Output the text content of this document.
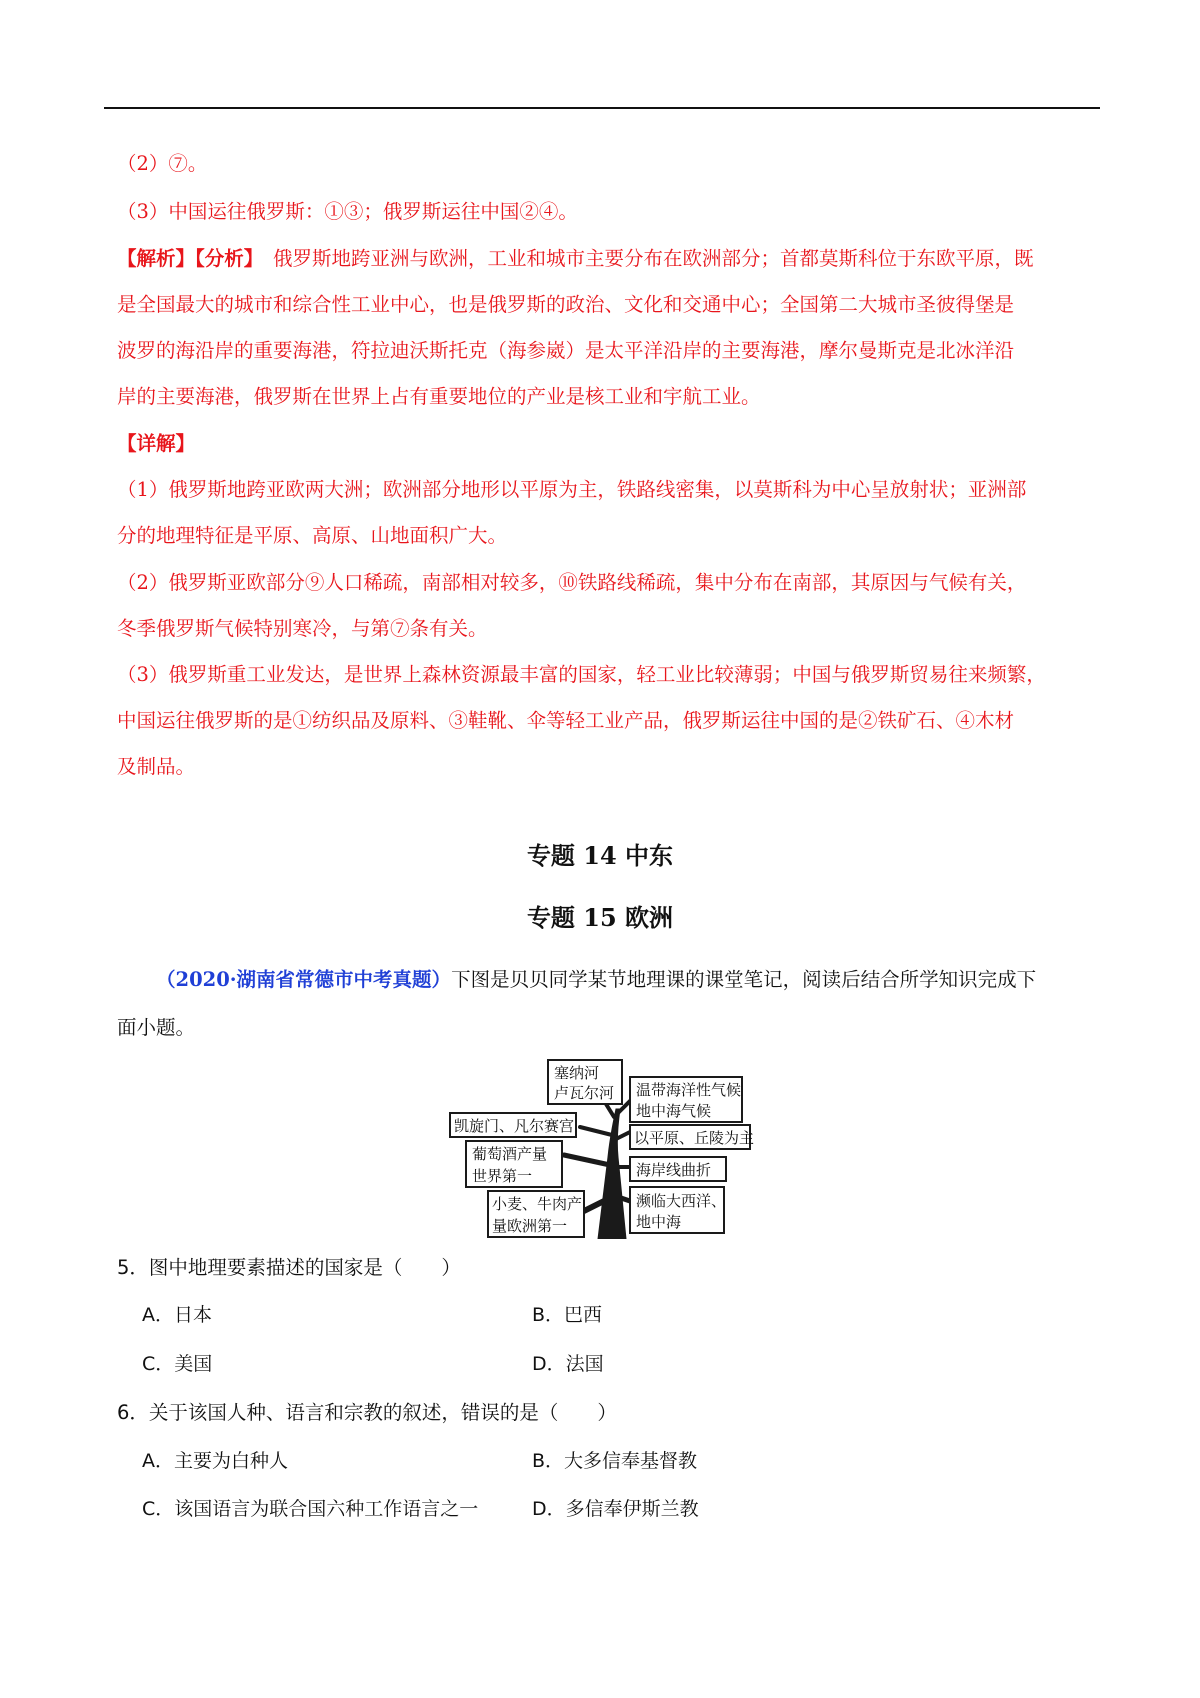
（2）⑦。
（3）中国运往俄罗斯：①③；俄罗斯运往中国②④。
【解析】【分析】 俄罗斯地跨亚洲与欧洲，工业和城市主要分布在欧洲部分；首都莫斯科位于东欧平原，既
是全国最大的城市和综合性工业中心，也是俄罗斯的政治、文化和交通中心；全国第二大城市圣彼得堡是
波罗的海沿岸的重要海港，符拉迪沃斯托克（海参崴）是太平洋沿岸的主要海港，摩尔曼斯克是北冰洋沿
岸的主要海港，俄罗斯在世界上占有重要地位的产业是核工业和宇航工业。
【详解】
（1）俄罗斯地跨亚欧两大洲；欧洲部分地形以平原为主，铁路线密集，以莫斯科为中心呈放射状；亚洲部
分的地理特征是平原、高原、山地面积广大。
（2）俄罗斯亚欧部分⑨人口稀疏，南部相对较多，⑩铁路线稀疏，集中分布在南部，其原因与气候有关，
冬季俄罗斯气候特别寒冷，与第⑦条有关。
（3）俄罗斯重工业发达，是世界上森林资源最丰富的国家，轻工业比较薄弱；中国与俄罗斯贸易往来频繁，
中国运往俄罗斯的是①纺织品及原料、③鞋靴、伞等轻工业产品，俄罗斯运往中国的是②铁矿石、④木材
及制品。
专题 14 中东
专题 15 欧洲
（2020·湖南省常德市中考真题）下图是贝贝同学某节地理课的课堂笔记，阅读后结合所学知识完成下
面小题。
塞纳河
卢瓦尔河 温带海洋性气候
地中海气候
凯旋门、凡尔赛宫
以平原、丘陵为主
葡萄酒产量
世界第一	海岸线曲折
濒临大西洋、
地中海
小麦、牛肉产
量欧洲第一
5．图中地理要素描述的国家是（　　）
A．日本	B．巴西
C．美国	D．法国
6．关于该国人种、语言和宗教的叙述，错误的是（　　）
A．主要为白种人	B．大多信奉基督教
C．该国语言为联合国六种工作语言之一	D．多信奉伊斯兰教
